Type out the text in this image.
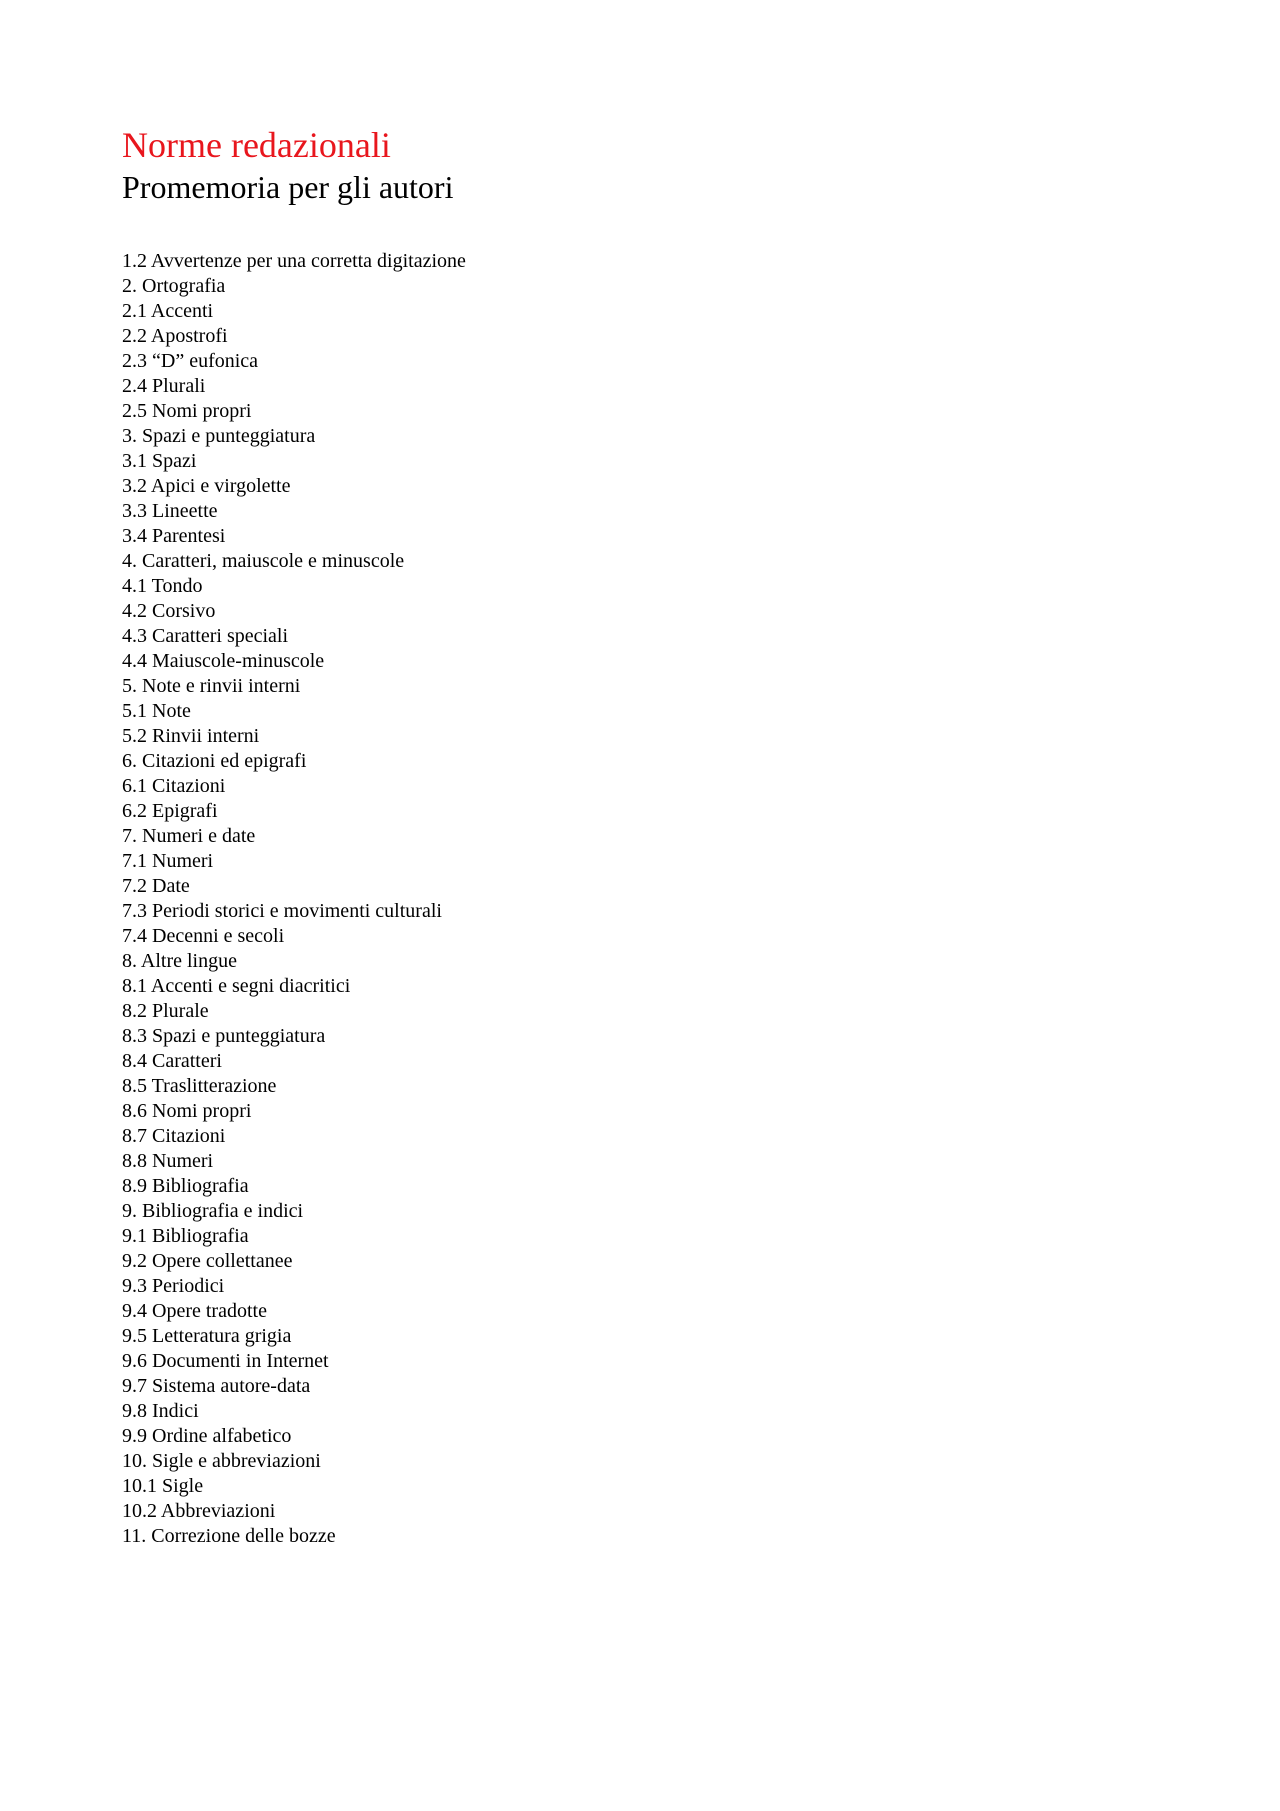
Norme redazionali
Promemoria per gli autori
1.2 Avvertenze per una corretta digitazione
2. Ortografia
2.1 Accenti
2.2 Apostrofi
2.3 “D” eufonica
2.4 Plurali
2.5 Nomi propri
3. Spazi e punteggiatura
3.1 Spazi
3.2 Apici e virgolette
3.3 Lineette
3.4 Parentesi
4. Caratteri, maiuscole e minuscole
4.1 Tondo
4.2 Corsivo
4.3 Caratteri speciali
4.4 Maiuscole-minuscole
5. Note e rinvii interni
5.1 Note
5.2 Rinvii interni
6. Citazioni ed epigrafi
6.1 Citazioni
6.2 Epigrafi
7. Numeri e date
7.1 Numeri
7.2 Date
7.3 Periodi storici e movimenti culturali
7.4 Decenni e secoli
8. Altre lingue
8.1 Accenti e segni diacritici
8.2 Plurale
8.3 Spazi e punteggiatura
8.4 Caratteri
8.5 Traslitterazione
8.6 Nomi propri
8.7 Citazioni
8.8 Numeri
8.9 Bibliografia
9. Bibliografia e indici
9.1 Bibliografia
9.2 Opere collettanee
9.3 Periodici
9.4 Opere tradotte
9.5 Letteratura grigia
9.6 Documenti in Internet
9.7 Sistema autore-data
9.8 Indici
9.9 Ordine alfabetico
10. Sigle e abbreviazioni
10.1 Sigle
10.2 Abbreviazioni
11. Correzione delle bozze
